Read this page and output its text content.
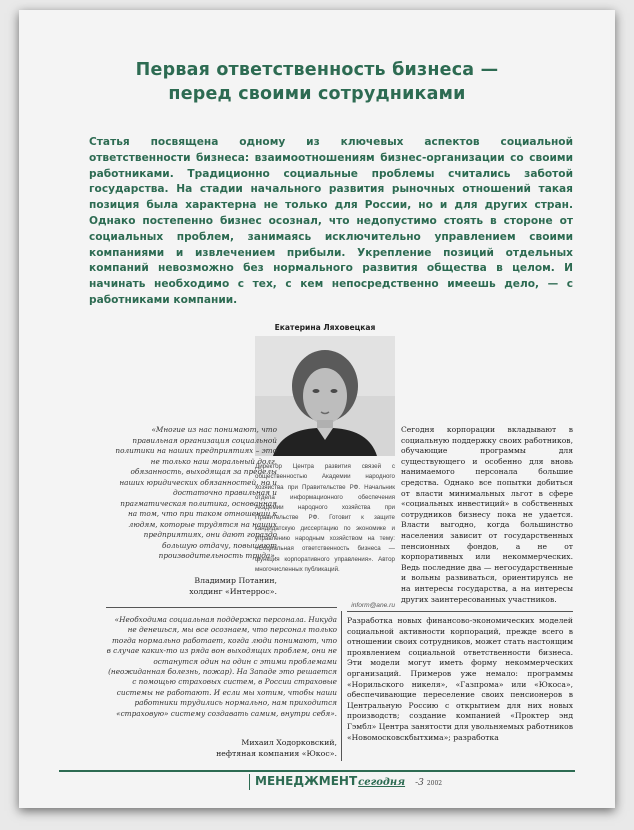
Первая ответственность бизнеса —
перед своими сотрудниками

Статья посвящена одному из ключевых аспектов социальной ответственности бизнеса: взаимоотношениям бизнес-организации со своими работниками. Традиционно социальные проблемы считались заботой государства. На стадии начального развития рыночных отношений такая позиция была характерна не только для России, но и для других стран. Однако постепенно бизнес осознал, что недопустимо стоять в стороне от социальных проблем, занимаясь исключительно управлением своими компаниями и извлечением прибыли. Укрепление позиций отдельных компаний невозможно без нормального развития общества в целом. И начинать необходимо с тех, с кем непосредственно имеешь дело, — с работниками компании.

Екатерина Ляховецкая

Директор Центра развития связей с общественностью Академии народного хозяйства при Правительстве РФ. Начальник отдела информационного обеспечения Академии народного хозяйства при Правительстве РФ. Готовит к защите кандидатскую диссертацию по экономике и управлению народным хозяйством на тему: «Социальная ответственность бизнеса — функция корпоративного управления». Автор многочисленных публикаций.

inform@ane.ru

«Многие из нас понимают, что правильная организация социальной политики на наших предприятиях – это не только наш моральный долг, обязанность, выходящая за пределы наших юридических обязанностей, но и достаточно правильная и прагматическая политика, основанная на том, что при таком отношении к людям, которые трудятся на наших предприятиях, они дают гораздо большую отдачу, повышают производительность труда».

Владимир Потанин,
холдинг «Интеррос».

«Необходима социальная поддержка персонала. Никуда не денешься, мы все осознаем, что персонал только тогда нормально работает, когда люди понимают, что в случае каких-то из ряда вон выходящих проблем, они не останутся один на один с этими проблемами (неожиданная болезнь, пожар). На Западе это решается с помощью страховых систем, в России страховые системы не работают. И если мы хотим, чтобы наши работники трудились нормально, нам приходится «страховую» систему создавать самим, внутри себя».

Михаил Ходорковский,
нефтяная компания «Юкос».

Сегодня корпорации вкладывают в социальную поддержку своих работников, обучающие программы для существующего и особенно для вновь нанимаемого персонала большие средства. Однако все попытки добиться от власти минимальных льгот в сфере «социальных инвестиций» в собственных сотрудников бизнесу пока не удается. Власти выгодно, когда большинство населения зависит от государственных пенсионных фондов, а не от корпоративных или некоммерческих. Ведь последние два — негосударственные и вольны развиваться, ориентируясь не на интересы государства, а на интересы других заинтересованных участников.

Разработка новых финансово-экономических моделей социальной активности корпораций, прежде всего в отношении своих сотрудников, может стать настоящим проявлением социальной ответственности бизнеса. Эти модели могут иметь форму некоммерческих организаций. Примеров уже немало: программы «Норильского никеля», «Газпрома» или «Юкоса», обеспечивающие переселение своих пенсионеров в Центральную Россию с открытием для них новых производств; создание компанией «Проктер энд Гэмбл» Центра занятости для увольняемых работников «Новомосковскбытхима»; разработка

МЕНЕДЖМЕНТ сегодня -3 2002
